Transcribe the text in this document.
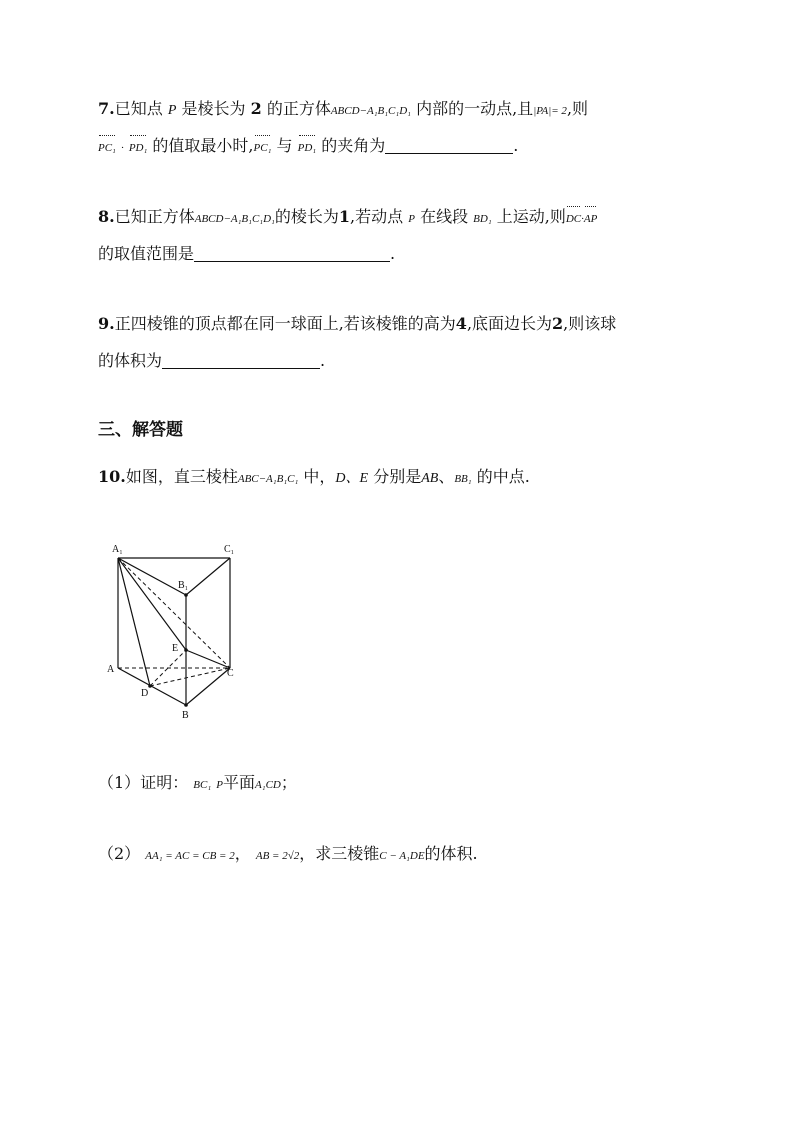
7.已知点 P 是棱长为 2 的正方体ABCD−A₁B₁C₁D₁ 内部的一动点,且|PA|= 2,则
PC₁ · PD₁ 的值取最小时,PC₁ 与 PD₁ 的夹角为	.
8.已知正方体ABCD−A₁B₁C₁D₁的棱长为1,若动点 P 在线段 BD₁ 上运动,则DC·AP
的取值范围是	.
9.正四棱锥的顶点都在同一球面上,若该棱锥的高为4,底面边长为2,则该球
的体积为	.
三、解答题
10.如图，直三棱柱ABC−A₁B₁C₁ 中，D、E 分别是AB、BB₁ 的中点.
A₁	C₁
B₁
E
A	C
D
B
（1）证明： BC₁ P平面A₁CD；
（2） AA₁ = AC = CB = 2， AB = 2√2，求三棱锥C − A₁DE的体积.
